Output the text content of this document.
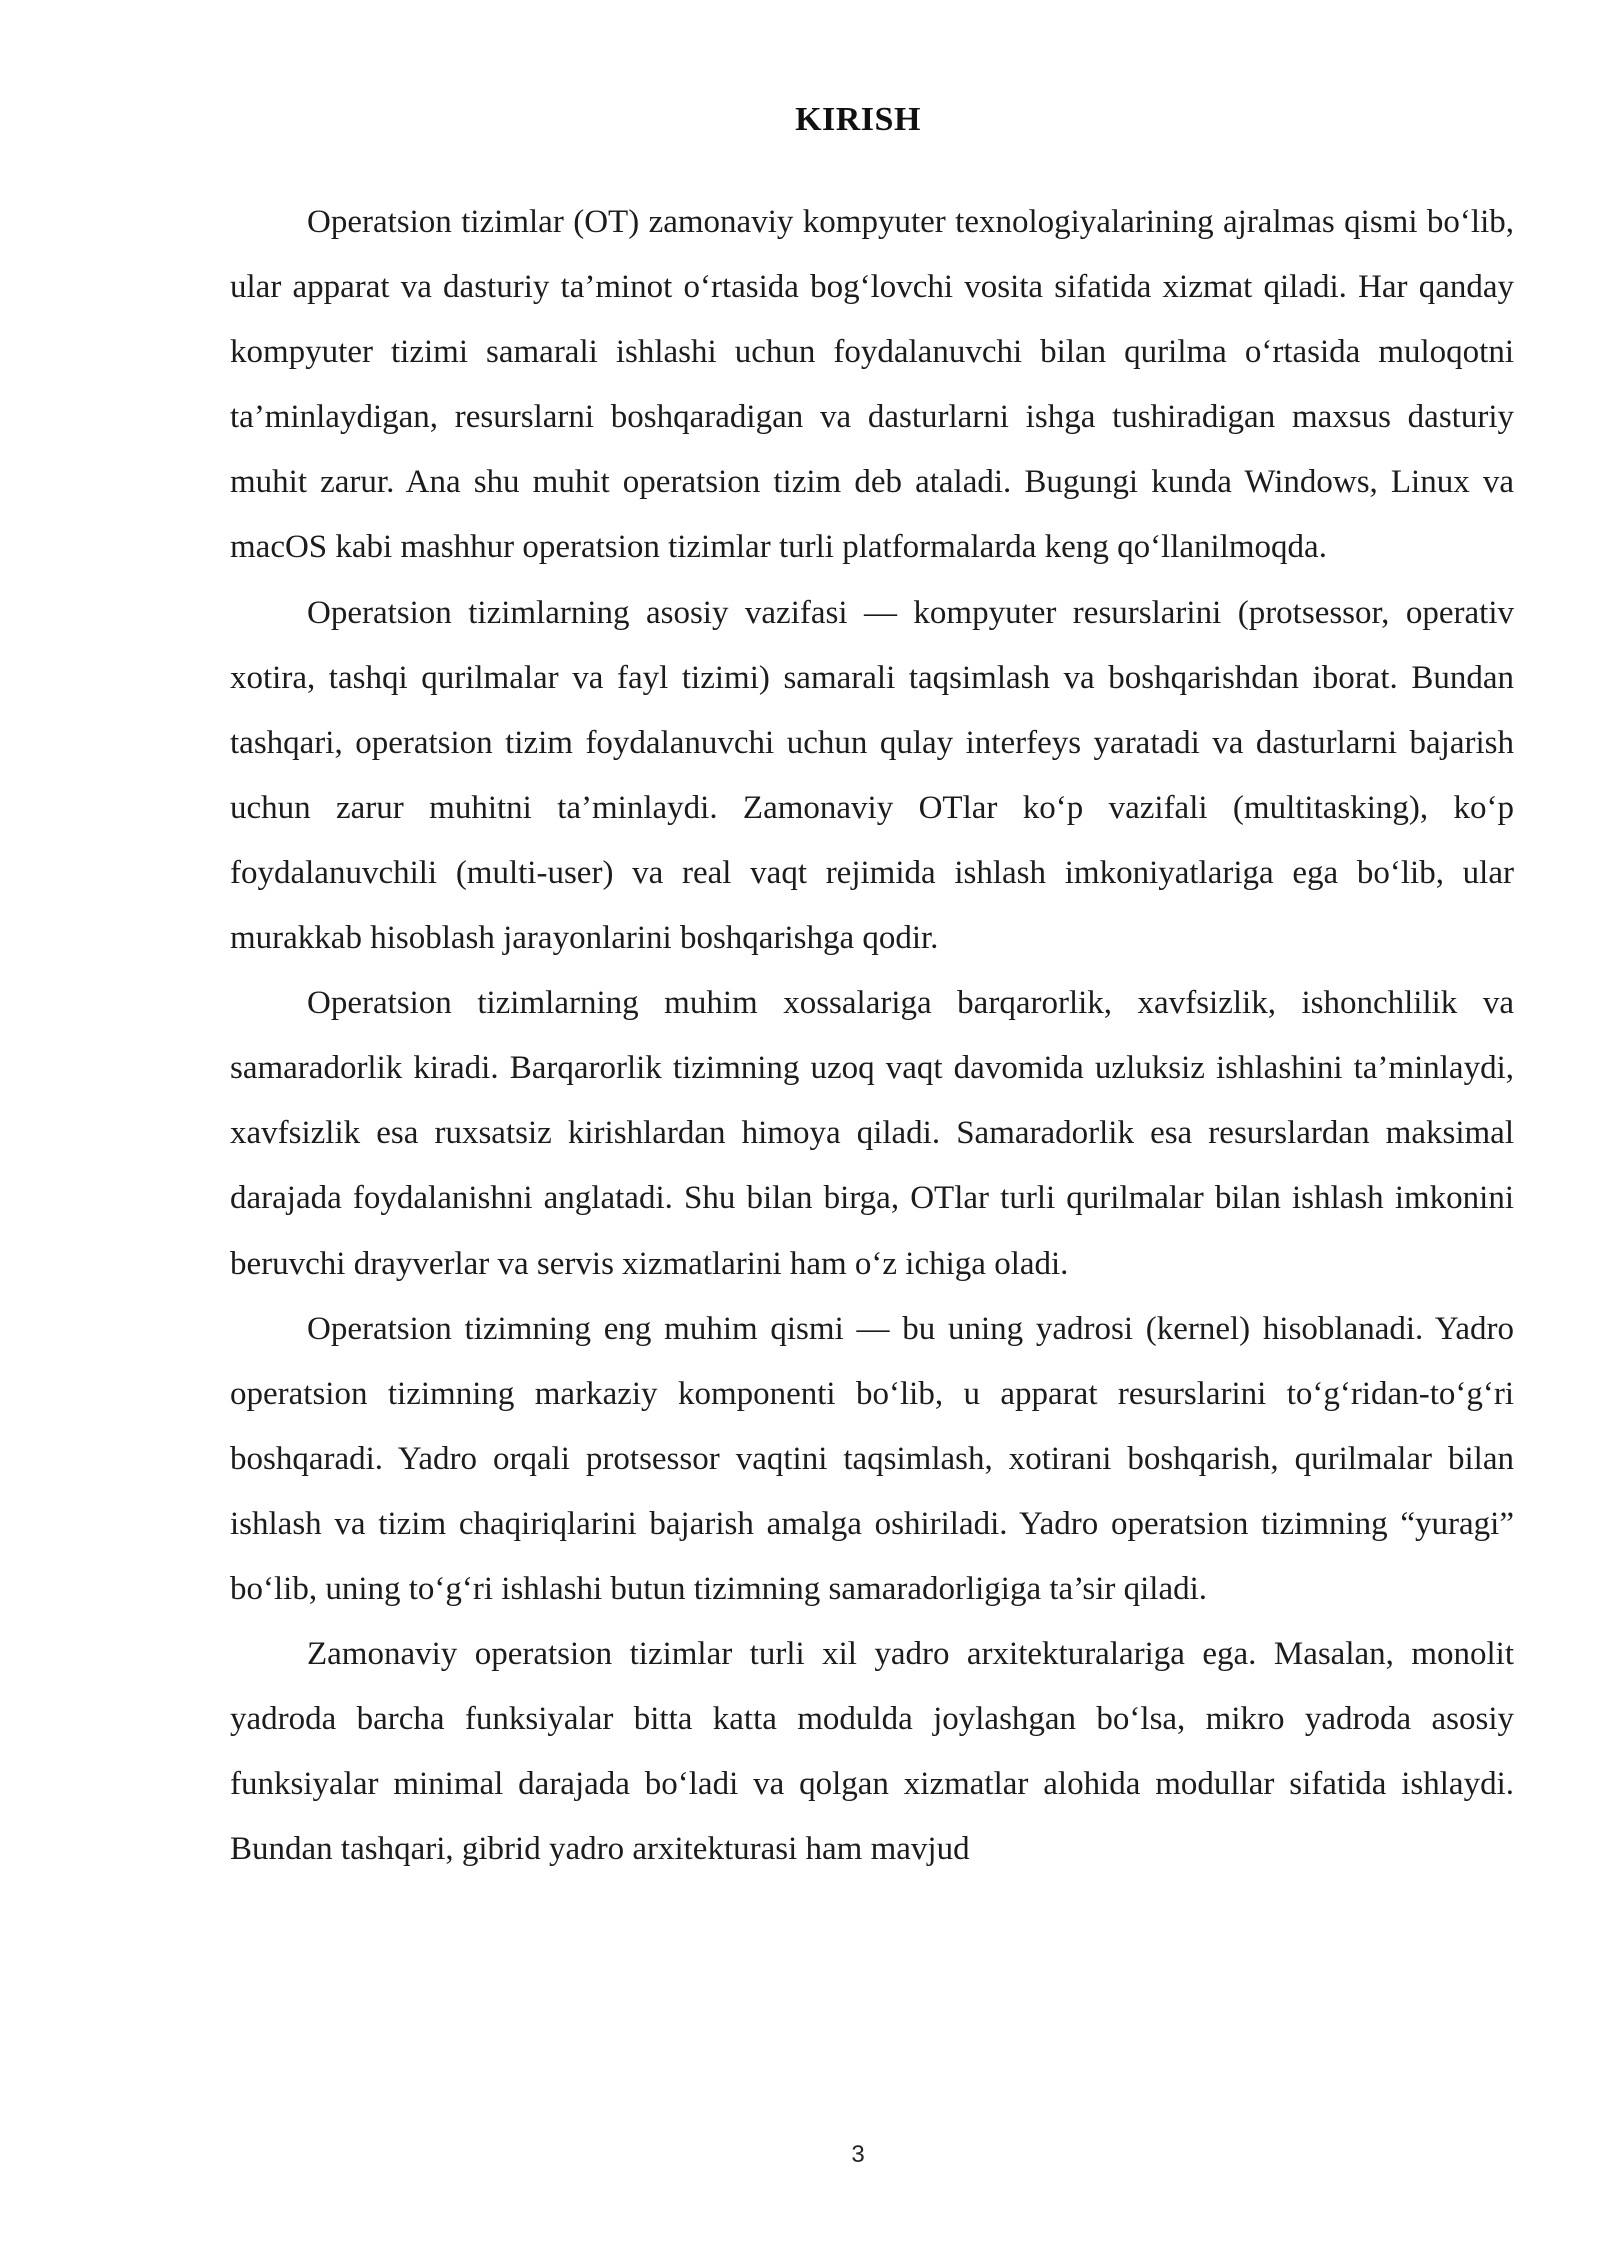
KIRISH

Operatsion tizimlar (OT) zamonaviy kompyuter texnologiyalarining ajralmas qismi bo‘lib, ular apparat va dasturiy ta’minot o‘rtasida bog‘lovchi vosita sifatida xizmat qiladi. Har qanday kompyuter tizimi samarali ishlashi uchun foydalanuvchi bilan qurilma o‘rtasida muloqotni ta’minlaydigan, resurslarni boshqaradigan va dasturlarni ishga tushiradigan maxsus dasturiy muhit zarur. Ana shu muhit operatsion tizim deb ataladi. Bugungi kunda Windows, Linux va macOS kabi mashhur operatsion tizimlar turli platformalarda keng qo‘llanilmoqda.

Operatsion tizimlarning asosiy vazifasi — kompyuter resurslarini (protsessor, operativ xotira, tashqi qurilmalar va fayl tizimi) samarali taqsimlash va boshqarishdan iborat. Bundan tashqari, operatsion tizim foydalanuvchi uchun qulay interfeys yaratadi va dasturlarni bajarish uchun zarur muhitni ta’minlaydi. Zamonaviy OTlar ko‘p vazifali (multitasking), ko‘p foydalanuvchili (multi-user) va real vaqt rejimida ishlash imkoniyatlariga ega bo‘lib, ular murakkab hisoblash jarayonlarini boshqarishga qodir.

Operatsion tizimlarning muhim xossalariga barqarorlik, xavfsizlik, ishonchlilik va samaradorlik kiradi. Barqarorlik tizimning uzoq vaqt davomida uzluksiz ishlashini ta’minlaydi, xavfsizlik esa ruxsatsiz kirishlardan himoya qiladi. Samaradorlik esa resurslardan maksimal darajada foydalanishni anglatadi. Shu bilan birga, OTlar turli qurilmalar bilan ishlash imkonini beruvchi drayverlar va servis xizmatlarini ham o‘z ichiga oladi.

Operatsion tizimning eng muhim qismi — bu uning yadrosi (kernel) hisoblanadi. Yadro operatsion tizimning markaziy komponenti bo‘lib, u apparat resurslarini to‘g‘ridan-to‘g‘ri boshqaradi. Yadro orqali protsessor vaqtini taqsimlash, xotirani boshqarish, qurilmalar bilan ishlash va tizim chaqiriqlarini bajarish amalga oshiriladi. Yadro operatsion tizimning “yuragi” bo‘lib, uning to‘g‘ri ishlashi butun tizimning samaradorligiga ta’sir qiladi.

Zamonaviy operatsion tizimlar turli xil yadro arxitekturalariga ega. Masalan, monolit yadroda barcha funksiyalar bitta katta modulda joylashgan bo‘lsa, mikro yadroda asosiy funksiyalar minimal darajada bo‘ladi va qolgan xizmatlar alohida modullar sifatida ishlaydi. Bundan tashqari, gibrid yadro arxitekturasi ham mavjud

3
